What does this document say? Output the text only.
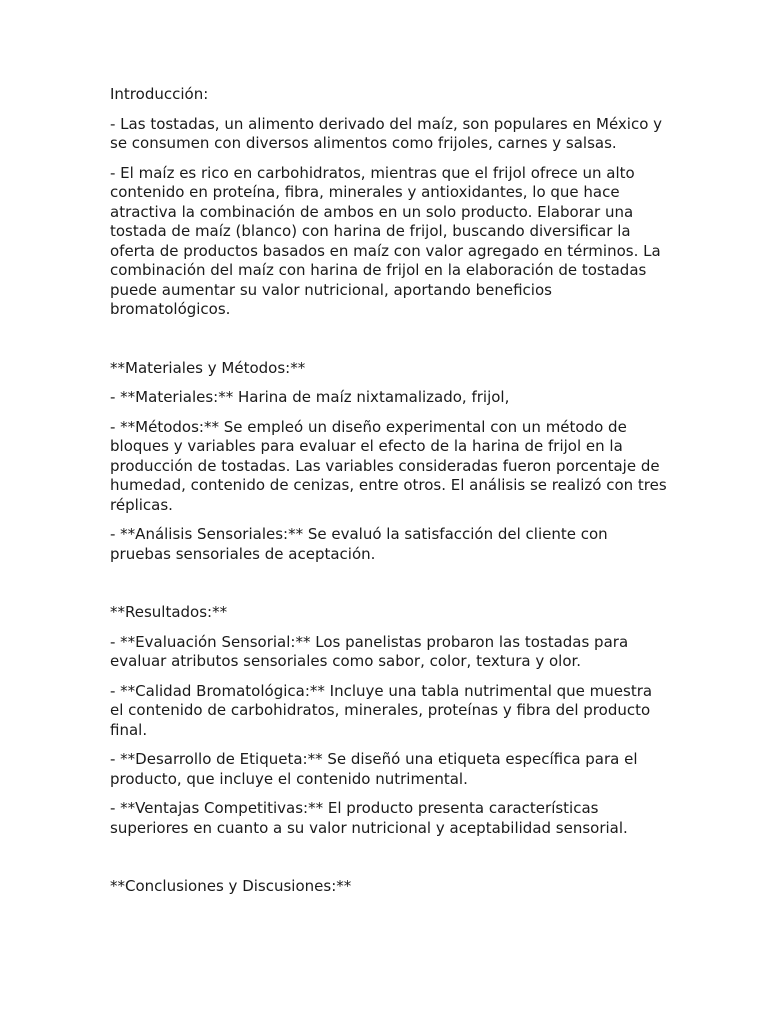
Introducción:

- Las tostadas, un alimento derivado del maíz, son populares en México y se consumen con diversos alimentos como frijoles, carnes y salsas.

- El maíz es rico en carbohidratos, mientras que el frijol ofrece un alto contenido en proteína, fibra, minerales y antioxidantes, lo que hace atractiva la combinación de ambos en un solo producto. Elaborar una tostada de maíz (blanco) con harina de frijol, buscando diversificar la oferta de productos basados en maíz con valor agregado en términos. La combinación del maíz con harina de frijol en la elaboración de tostadas puede aumentar su valor nutricional, aportando beneficios bromatológicos.

**Materiales y Métodos:**

- **Materiales:** Harina de maíz nixtamalizado, frijol,

- **Métodos:** Se empleó un diseño experimental con un método de bloques y variables para evaluar el efecto de la harina de frijol en la producción de tostadas. Las variables consideradas fueron porcentaje de humedad, contenido de cenizas, entre otros. El análisis se realizó con tres réplicas.

- **Análisis Sensoriales:** Se evaluó la satisfacción del cliente con pruebas sensoriales de aceptación.

**Resultados:**

- **Evaluación Sensorial:** Los panelistas probaron las tostadas para evaluar atributos sensoriales como sabor, color, textura y olor.

- **Calidad Bromatológica:** Incluye una tabla nutrimental que muestra el contenido de carbohidratos, minerales, proteínas y fibra del producto final.

- **Desarrollo de Etiqueta:** Se diseñó una etiqueta específica para el producto, que incluye el contenido nutrimental.

- **Ventajas Competitivas:** El producto presenta características superiores en cuanto a su valor nutricional y aceptabilidad sensorial.

**Conclusiones y Discusiones:**
